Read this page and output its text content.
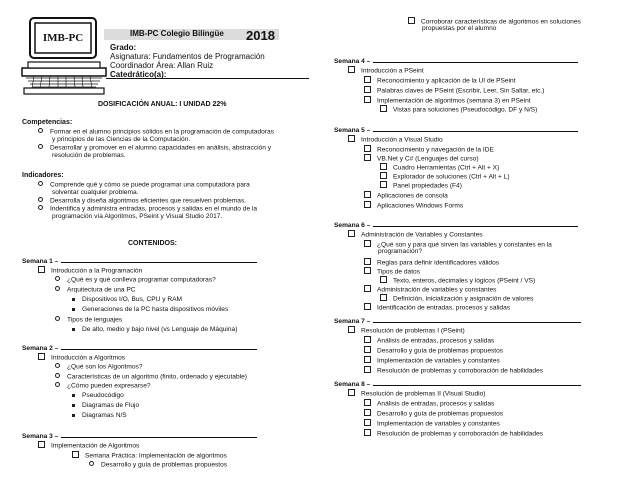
IMB-PC	IMB-PC Colegio Bilingüe 2018
Grado:
Asignatura: Fundamentos de Programación
Coordinador Área: Allan Ruiz
Catedrático(a):
DOSIFICACIÓN ANUAL: I UNIDAD 22%
Competencias:
Formar en el alumno principios sólidos en la programación de computadoras
y principios de las Ciencias de la Computación.
Desarrollar y promover en el alumno capacidades en análisis, abstracción y
resolución de problemas.
Indicadores:
Comprende qué y cómo se puede programar una computadora para
solventar cualquier problema.
Desarrolla y diseña algoritmos eficientes que resuelven problemas.
Indentifica y administra entradas, procesos y salidas en el mundo de la
programación vía Algoritmos, PSeint y Visual Studio 2017.
CONTENIDOS:
Semana 1 –
Introducción a la Programación
¿Qué es y qué conlleva programar computadoras?
Arquitectura de una PC
Dispositivos I/O, Bus, CPU y RAM
Generaciones de la PC hasta dispositivos móviles
Tipos de lenguajes
De alto, medio y bajo nivel (vs Lenguaje de Máquina)
Semana 2 –
Introducción a Algoritmos
¿Qué son los Algoritmos?
Características de un algoritmo (finito, ordenado y ejecutable)
¿Cómo pueden expresarse?
Pseudocódigo
Diagramas de Flujo
Diagramas N/S
Semana 3 –
Implementación de Algoritmos
Semana Práctica: Implementación de algoritmos
Desarrollo y guía de problemas propuestos
Corroborar características de algoritmos en soluciones
propuestas por el alumno
Semana 4 –
Introducción a PSeint
Reconocimiento y aplicación de la UI de PSeint
Palabras claves de PSeint (Escribir, Leer, Sin Saltar, etc.)
Implementación de algoritmos (semana 3) en PSeint
Vistas para soluciones (Pseudocódigo, DF y N/S)
Semana 5 –
Introducción a Visual Studio
Reconocimiento y navegación de la IDE
VB.Net y C# (Lenguajes del curso)
Cuadro Herramientas (Ctrl + Alt + X)
Explorador de soluciones (Ctrl + Alt + L)
Panel propiedades (F4)
Aplicaciones de consola
Aplicaciones Windows Forms
Semana 6 –
Administración de Variables y Constantes
¿Qué son y para qué sirven las variables y constantes en la
programación?
Reglas para definir identificadores válidos
Tipos de datos
Texto, enteros, decimales y lógicos (PSeint / VS)
Administración de variables y constantes
Definición, inicialización y asignación de valores
Identificación de entradas, procesos y salidas
Semana 7 –
Resolución de problemas I (PSeint)
Análisis de entradas, procesos y salidas
Desarrollo y guía de problemas propuestos
Implementación de variables y constantes
Resolución de problemas y corroboración de habilidades
Semana 8 –
Resolución de problemas II (Visual Studio)
Análisis de entradas, procesos y salidas
Desarrollo y guía de problemas propuestos
Implementación de variables y constantes
Resolución de problemas y corroboración de habilidades
